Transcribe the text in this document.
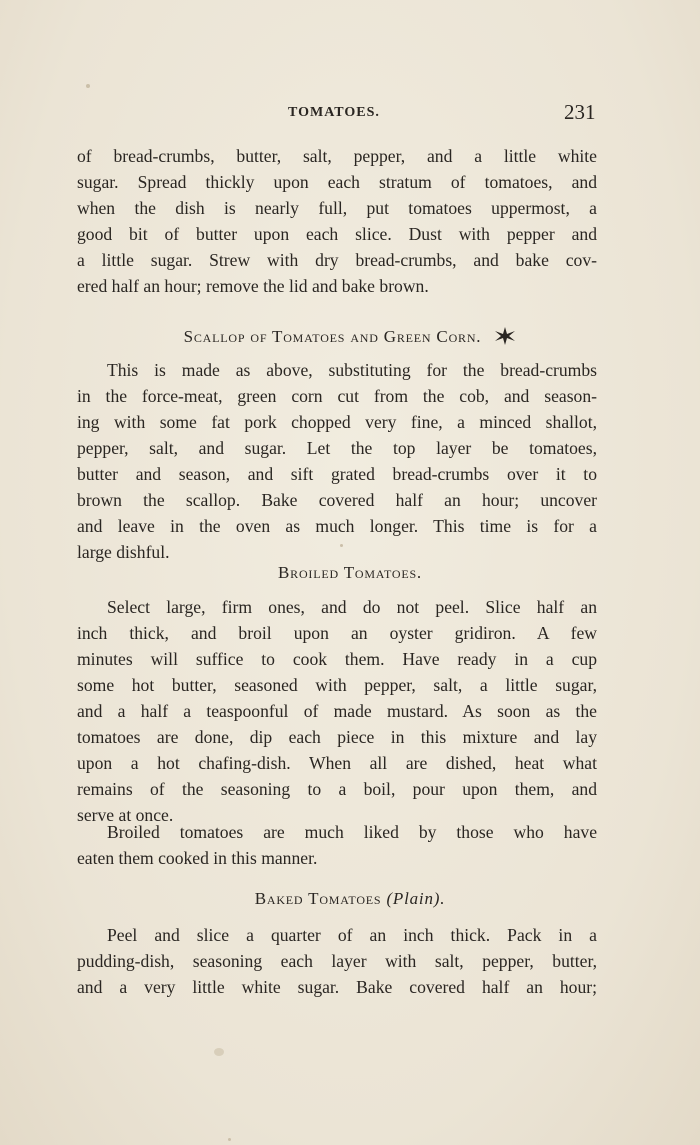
TOMATOES.	231
of bread-crumbs, butter, salt, pepper, and a little white
sugar. Spread thickly upon each stratum of tomatoes, and
when the dish is nearly full, put tomatoes uppermost, a
good bit of butter upon each slice. Dust with pepper and
a little sugar. Strew with dry bread-crumbs, and bake cov-
ered half an hour; remove the lid and bake brown.
Scallop of Tomatoes and Green Corn.
This is made as above, substituting for the bread-crumbs
in the force-meat, green corn cut from the cob, and season-
ing with some fat pork chopped very fine, a minced shallot,
pepper, salt, and sugar. Let the top layer be tomatoes,
butter and season, and sift grated bread-crumbs over it to
brown the scallop. Bake covered half an hour; uncover
and leave in the oven as much longer. This time is for a
large dishful.
Broiled Tomatoes.
Select large, firm ones, and do not peel. Slice half an
inch thick, and broil upon an oyster gridiron. A few
minutes will suffice to cook them. Have ready in a cup
some hot butter, seasoned with pepper, salt, a little sugar,
and a half a teaspoonful of made mustard. As soon as the
tomatoes are done, dip each piece in this mixture and lay
upon a hot chafing-dish. When all are dished, heat what
remains of the seasoning to a boil, pour upon them, and
serve at once.
Broiled tomatoes are much liked by those who have
eaten them cooked in this manner.
Baked Tomatoes (Plain).
Peel and slice a quarter of an inch thick. Pack in a
pudding-dish, seasoning each layer with salt, pepper, butter,
and a very little white sugar. Bake covered half an hour;
